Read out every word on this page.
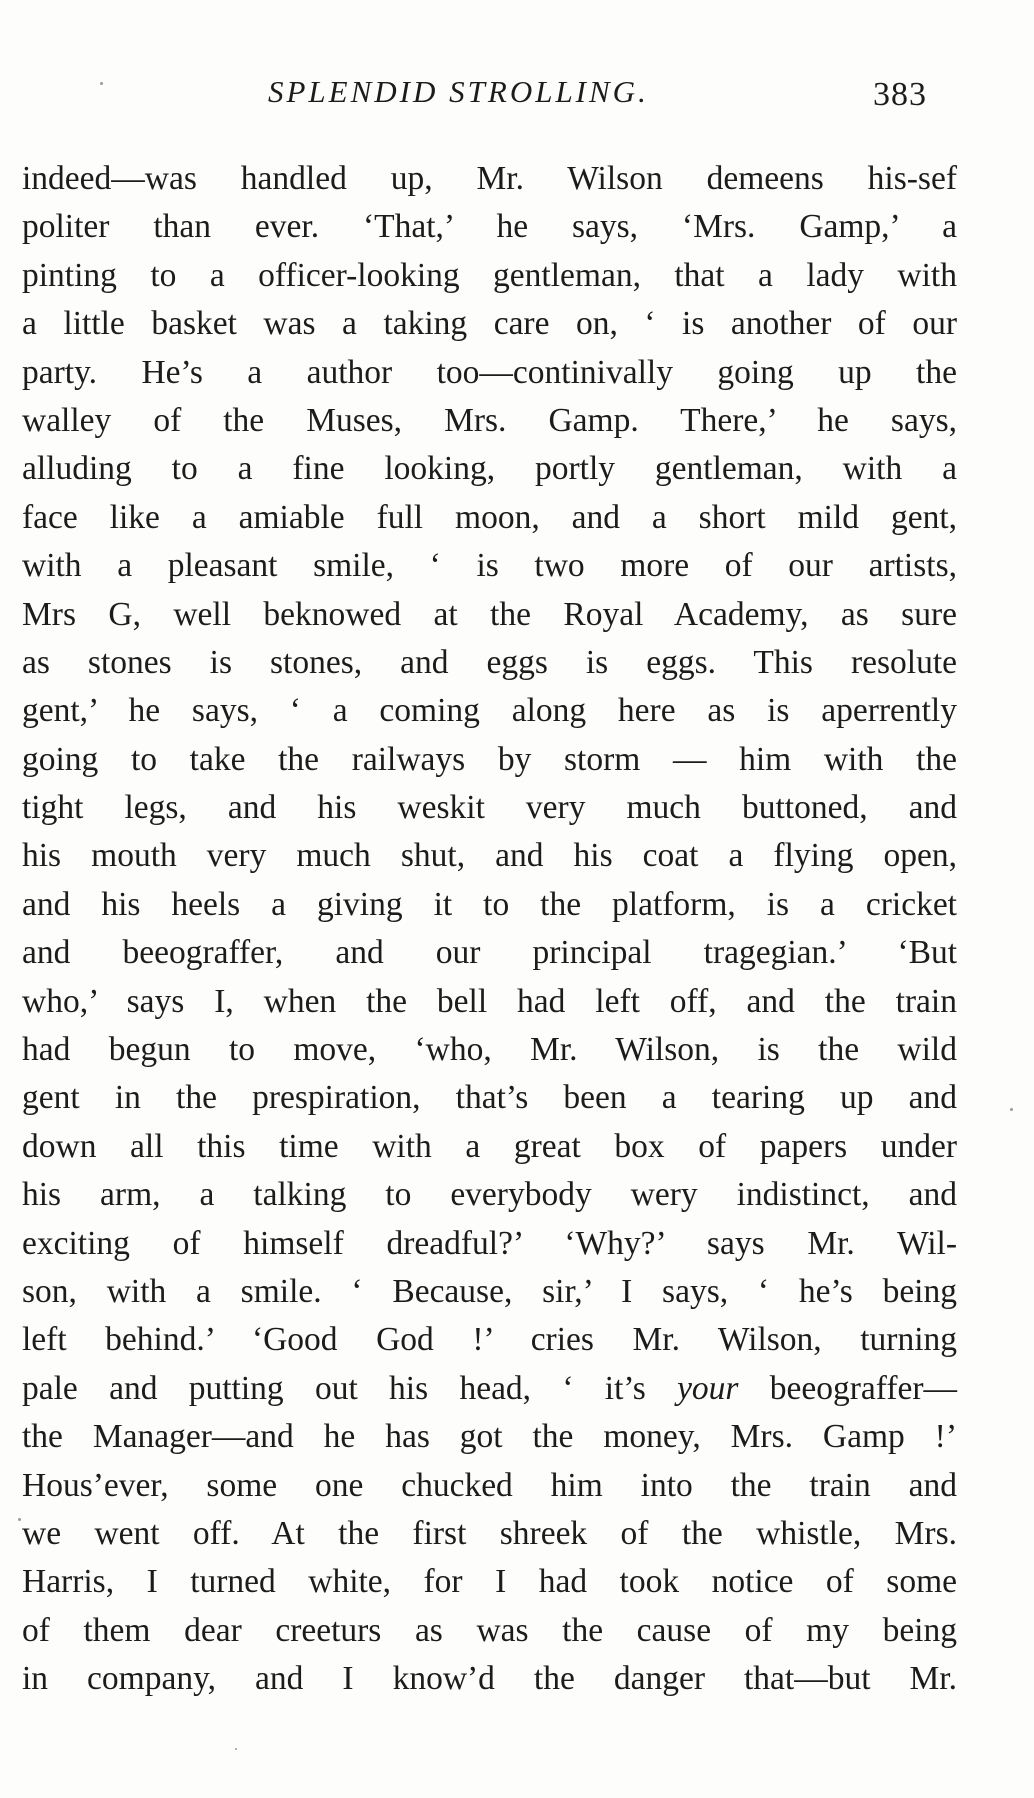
SPLENDID STROLLING.	383
indeed—was handled up, Mr. Wilson demeens his-sef
politer than ever. ‘That,’ he says, ‘Mrs. Gamp,’ a
pinting to a officer-looking gentleman, that a lady with
a little basket was a taking care on, ‘ is another of our
party. He’s a author too—continivally going up the
walley of the Muses, Mrs. Gamp. There,’ he says,
alluding to a fine looking, portly gentleman, with a
face like a amiable full moon, and a short mild gent,
with a pleasant smile, ‘ is two more of our artists,
Mrs G, well beknowed at the Royal Academy, as sure
as stones is stones, and eggs is eggs. This resolute
gent,’ he says, ‘ a coming along here as is aperrently
going to take the railways by storm — him with the
tight legs, and his weskit very much buttoned, and
his mouth very much shut, and his coat a flying open,
and his heels a giving it to the platform, is a cricket
and beeograffer, and our principal tragegian.’ ‘But
who,’ says I, when the bell had left off, and the train
had begun to move, ‘who, Mr. Wilson, is the wild
gent in the prespiration, that’s been a tearing up and
down all this time with a great box of papers under
his arm, a talking to everybody wery indistinct, and
exciting of himself dreadful?’ ‘Why?’ says Mr. Wil-
son, with a smile. ‘ Because, sir,’ I says, ‘ he’s being
left behind.’ ‘Good God !’ cries Mr. Wilson, turning
pale and putting out his head, ‘ it’s your beeograffer—
the Manager—and he has got the money, Mrs. Gamp !’
Hous’ever, some one chucked him into the train and
we went off. At the first shreek of the whistle, Mrs.
Harris, I turned white, for I had took notice of some
of them dear creeturs as was the cause of my being
in company, and I know’d the danger that—but Mr.
